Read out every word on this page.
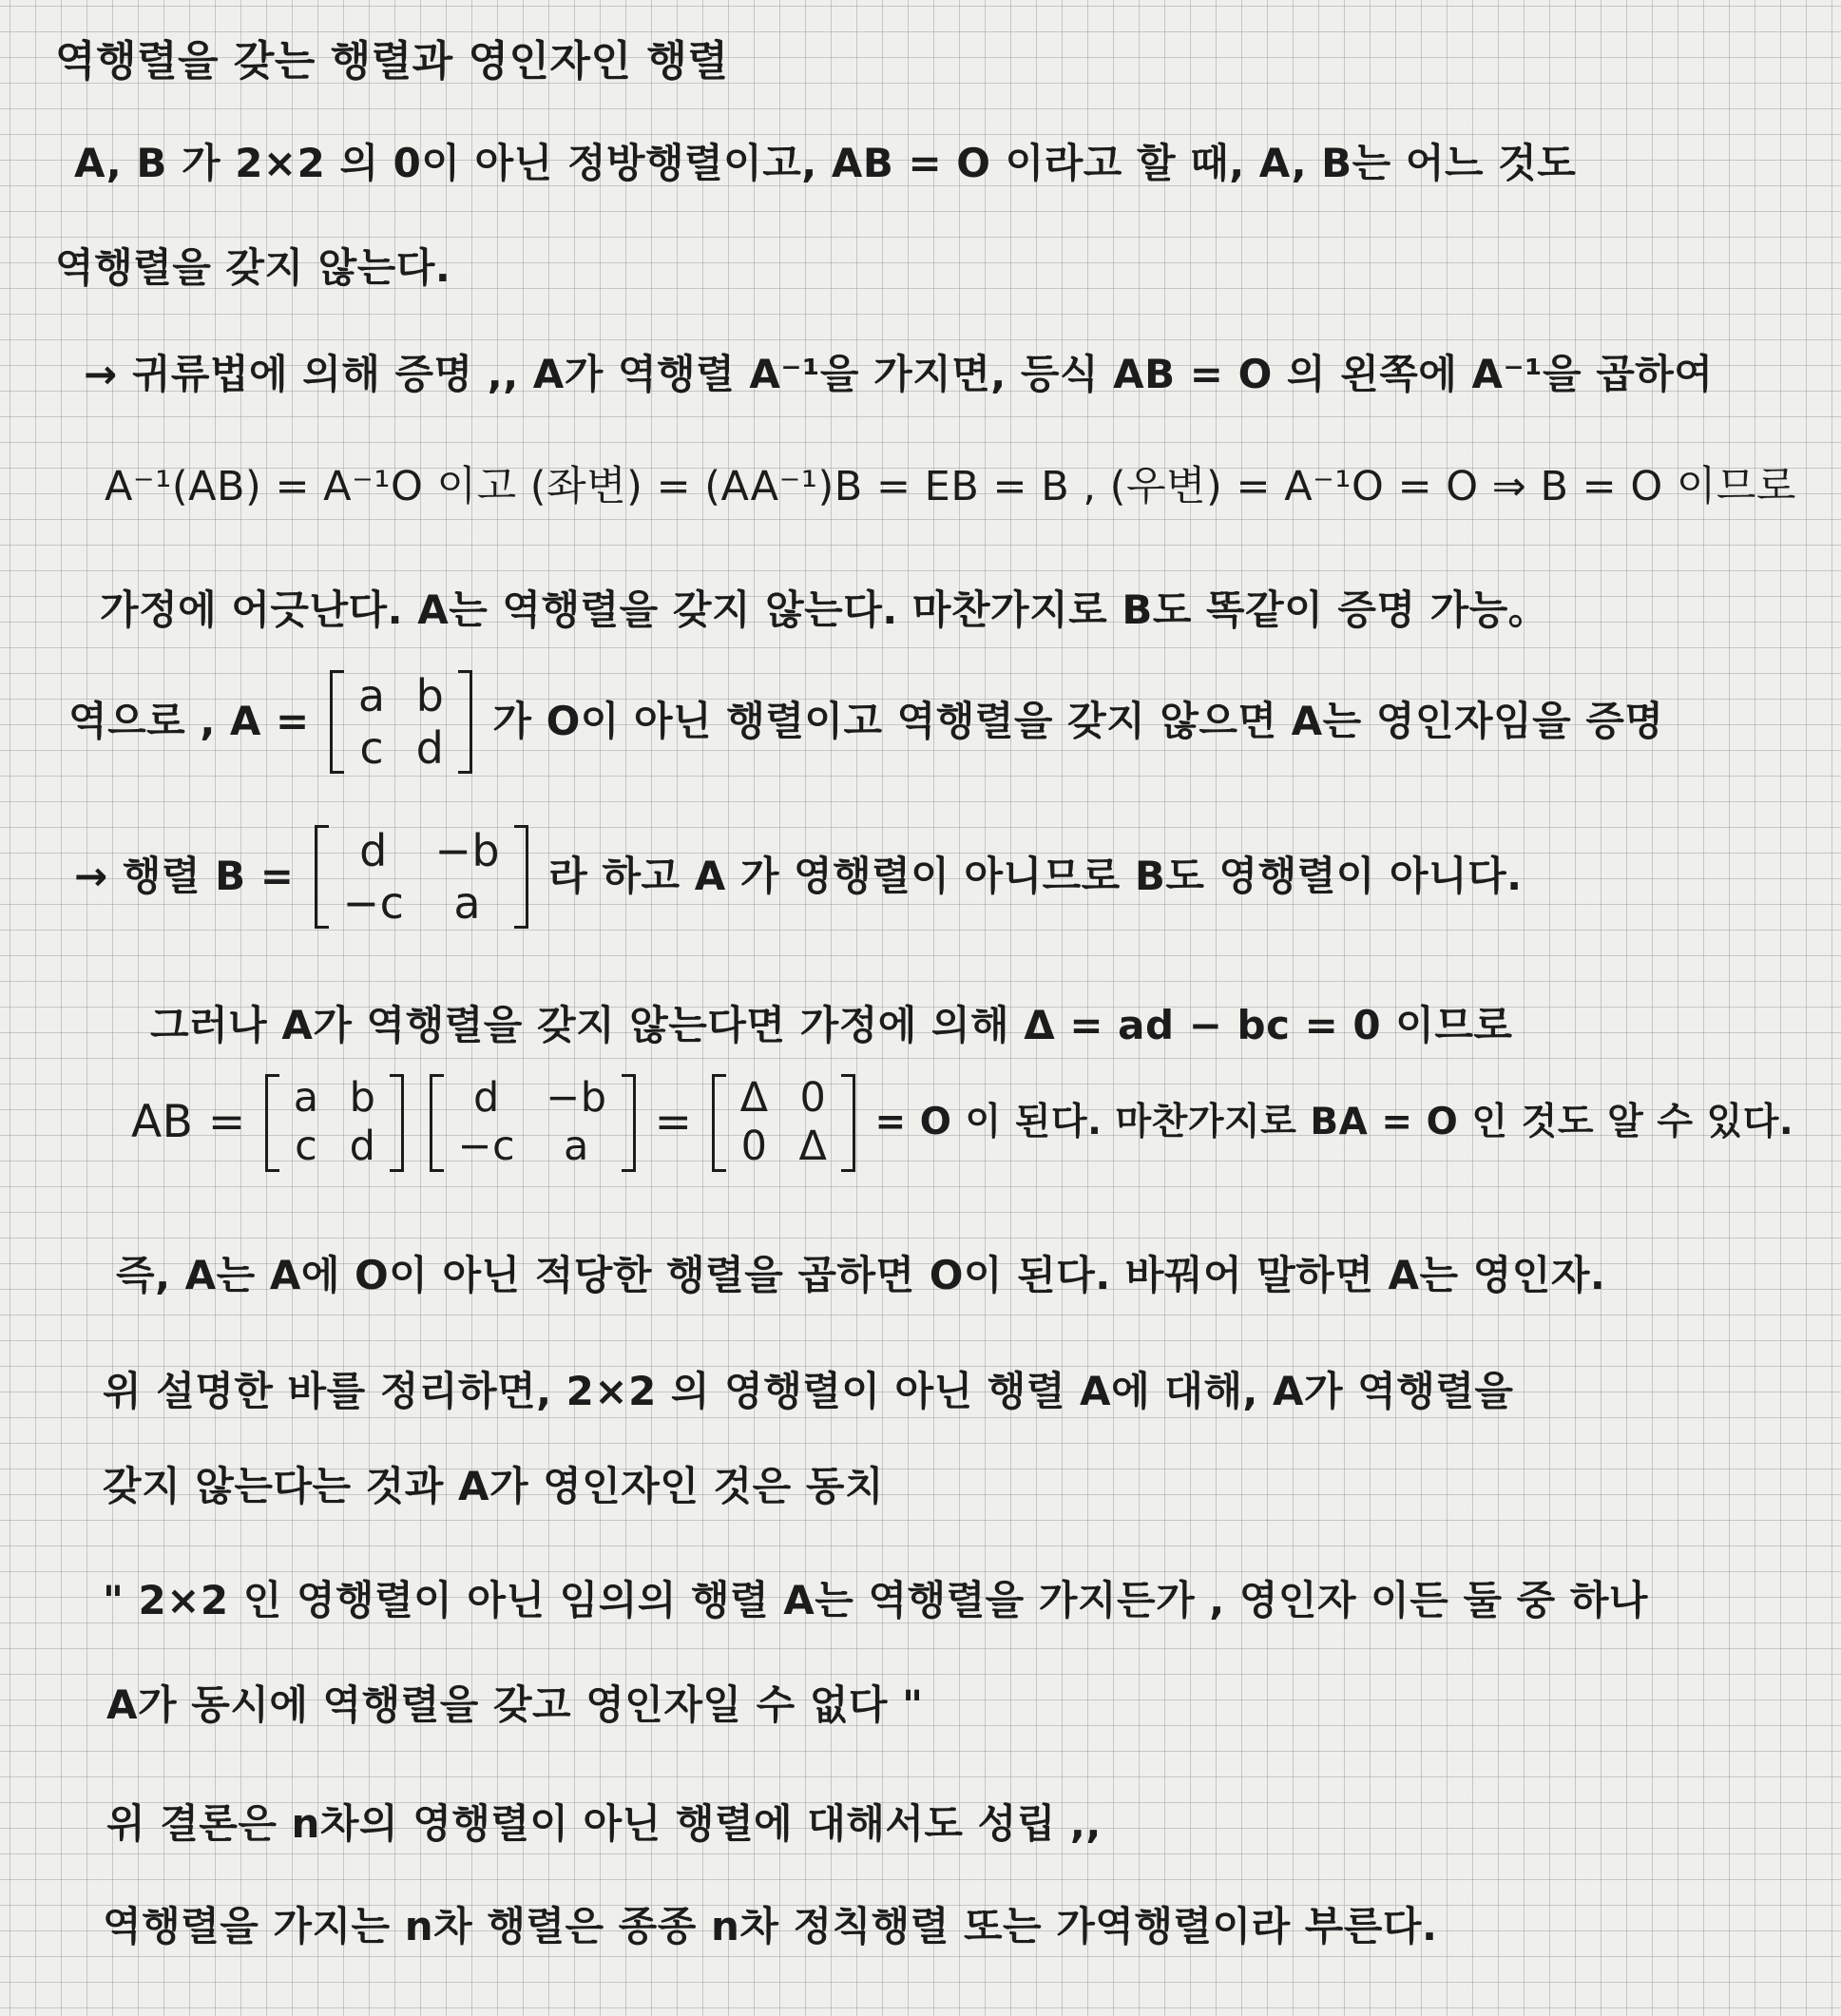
역행렬을 갖는 행렬과 영인자인 행렬
A, B 가 2×2 의 0이 아닌 정방행렬이고, AB = O 이라고 할 때, A, B는 어느 것도
역행렬을 갖지 않는다.
→ 귀류법에 의해 증명 ,, A가 역행렬 A⁻¹을 가지면, 등식 AB = O 의 왼쪽에 A⁻¹을 곱하여
A⁻¹(AB) = A⁻¹O 이고 (좌변) = (AA⁻¹)B = EB = B , (우변) = A⁻¹O = O ⇒ B = O 이므로
가정에 어긋난다. A는 역행렬을 갖지 않는다. 마찬가지로 B도 똑같이 증명 가능。
역으로 , A = a	b
c	d
가 O이 아닌 행렬이고 역행렬을 갖지 않으면 A는 영인자임을 증명
→ 행렬 B = d	−b
−c	a
라 하고 A 가 영행렬이 아니므로 B도 영행렬이 아니다.
그러나 A가 역행렬을 갖지 않는다면 가정에 의해 Δ = ad − bc = 0 이므로
AB = a	b
c	d

d	−b
−c	a = Δ	0
0	Δ
= O 이 된다. 마찬가지로 BA = O 인 것도 알 수 있다.
즉, A는 A에 O이 아닌 적당한 행렬을 곱하면 O이 된다. 바꿔어 말하면 A는 영인자.
위 설명한 바를 정리하면, 2×2 의 영행렬이 아닌 행렬 A에 대해, A가 역행렬을
갖지 않는다는 것과 A가 영인자인 것은 동치
" 2×2 인 영행렬이 아닌 임의의 행렬 A는 역행렬을 가지든가 , 영인자 이든 둘 중 하나
A가 동시에 역행렬을 갖고 영인자일 수 없다 "
위 결론은 n차의 영행렬이 아닌 행렬에 대해서도 성립 ,,
역행렬을 가지는 n차 행렬은 종종 n차 정칙행렬 또는 가역행렬이라 부른다.
